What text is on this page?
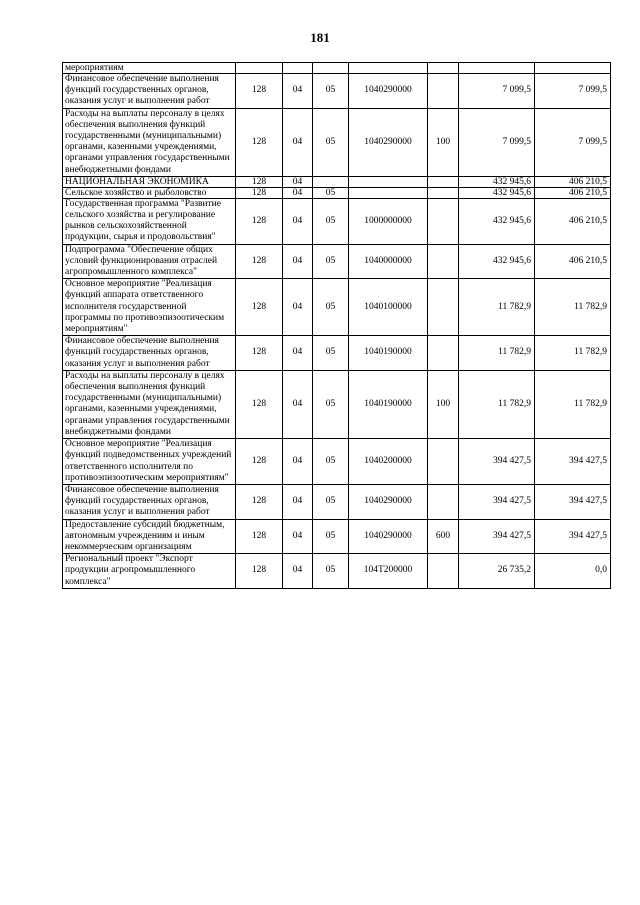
181
мероприятиям							
Финансовое обеспечение выполнения функций государственных органов, оказания услуг и выполнения работ	128	04	05	1040290000		7 099,5	7 099,5
Расходы на выплаты персоналу в целях обеспечения выполнения функций государственными (муниципальными) органами, казенными учреждениями, органами управления государственными внебюджетными фондами	128	04	05	1040290000	100	7 099,5	7 099,5
НАЦИОНАЛЬНАЯ ЭКОНОМИКА	128	04				432 945,6	406 210,5
Сельское хозяйство и рыболовство	128	04	05			432 945,6	406 210,5
Государственная программа "Развитие сельского хозяйства и регулирование рынков сельскохозяйственной продукции, сырья и продовольствия"	128	04	05	1000000000		432 945,6	406 210,5
Подпрограмма "Обеспечение общих условий функционирования отраслей агропромышленного комплекса"	128	04	05	1040000000		432 945,6	406 210,5
Основное мероприятие "Реализация функций аппарата ответственного исполнителя государственной программы по противоэпизоотическим мероприятиям"	128	04	05	1040100000		11 782,9	11 782,9
Финансовое обеспечение выполнения функций государственных органов, оказания услуг и выполнения работ	128	04	05	1040190000		11 782,9	11 782,9
Расходы на выплаты персоналу в целях обеспечения выполнения функций государственными (муниципальными) органами, казенными учреждениями, органами управления государственными внебюджетными фондами	128	04	05	1040190000	100	11 782,9	11 782,9
Основное мероприятие "Реализация функций подведомственных учреждений ответственного исполнителя по противоэпизоотическим мероприятиям"	128	04	05	1040200000		394 427,5	394 427,5
Финансовое обеспечение выполнения функций государственных органов, оказания услуг и выполнения работ	128	04	05	1040290000		394 427,5	394 427,5
Предоставление субсидий бюджетным, автономным учреждениям и иным некоммерческим организациям	128	04	05	1040290000	600	394 427,5	394 427,5
Региональный проект "Экспорт продукции агропромышленного комплекса"	128	04	05	104T200000		26 735,2	0,0
